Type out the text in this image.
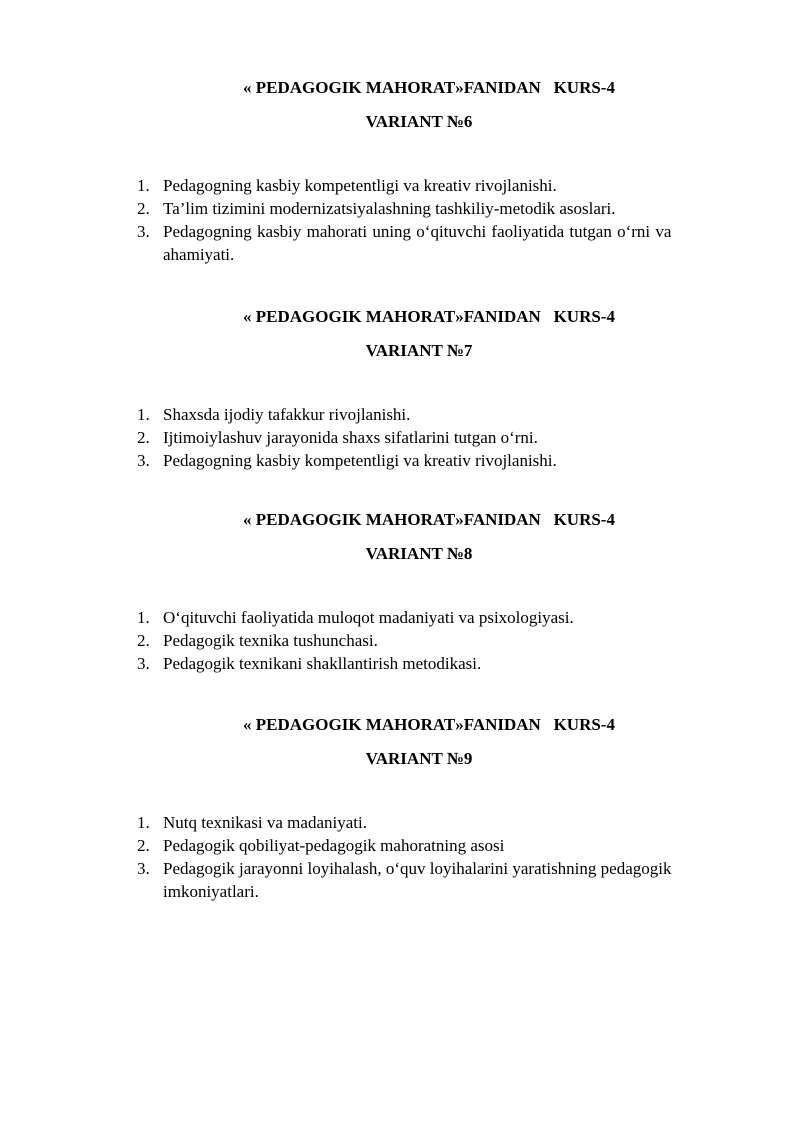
« PEDAGOGIK MAHORAT»FANIDAN   KURS-4
VARIANT №6
1. Pedagogning kasbiy kompetentligi va kreativ rivojlanishi.
2. Ta’lim tizimini modernizatsiyalashning tashkiliy-metodik asoslari.
3. Pedagogning kasbiy mahorati uning o‘qituvchi faoliyatida tutgan o‘rni va ahamiyati.
« PEDAGOGIK MAHORAT»FANIDAN   KURS-4
VARIANT №7
1. Shaxsda ijodiy tafakkur rivojlanishi.
2. Ijtimoiylashuv jarayonida shaxs sifatlarini tutgan o‘rni.
3. Pedagogning kasbiy kompetentligi va kreativ rivojlanishi.
« PEDAGOGIK MAHORAT»FANIDAN   KURS-4
VARIANT №8
1. O‘qituvchi faoliyatida muloqot madaniyati va psixologiyasi.
2. Pedagogik texnika tushunchasi.
3. Pedagogik texnikani shakllantirish metodikasi.
« PEDAGOGIK MAHORAT»FANIDAN   KURS-4
VARIANT №9
1. Nutq texnikasi va madaniyati.
2. Pedagogik qobiliyat-pedagogik mahoratning asosi
3. Pedagogik jarayonni loyihalash, o‘quv loyihalarini yaratishning pedagogik imkoniyatlari.
